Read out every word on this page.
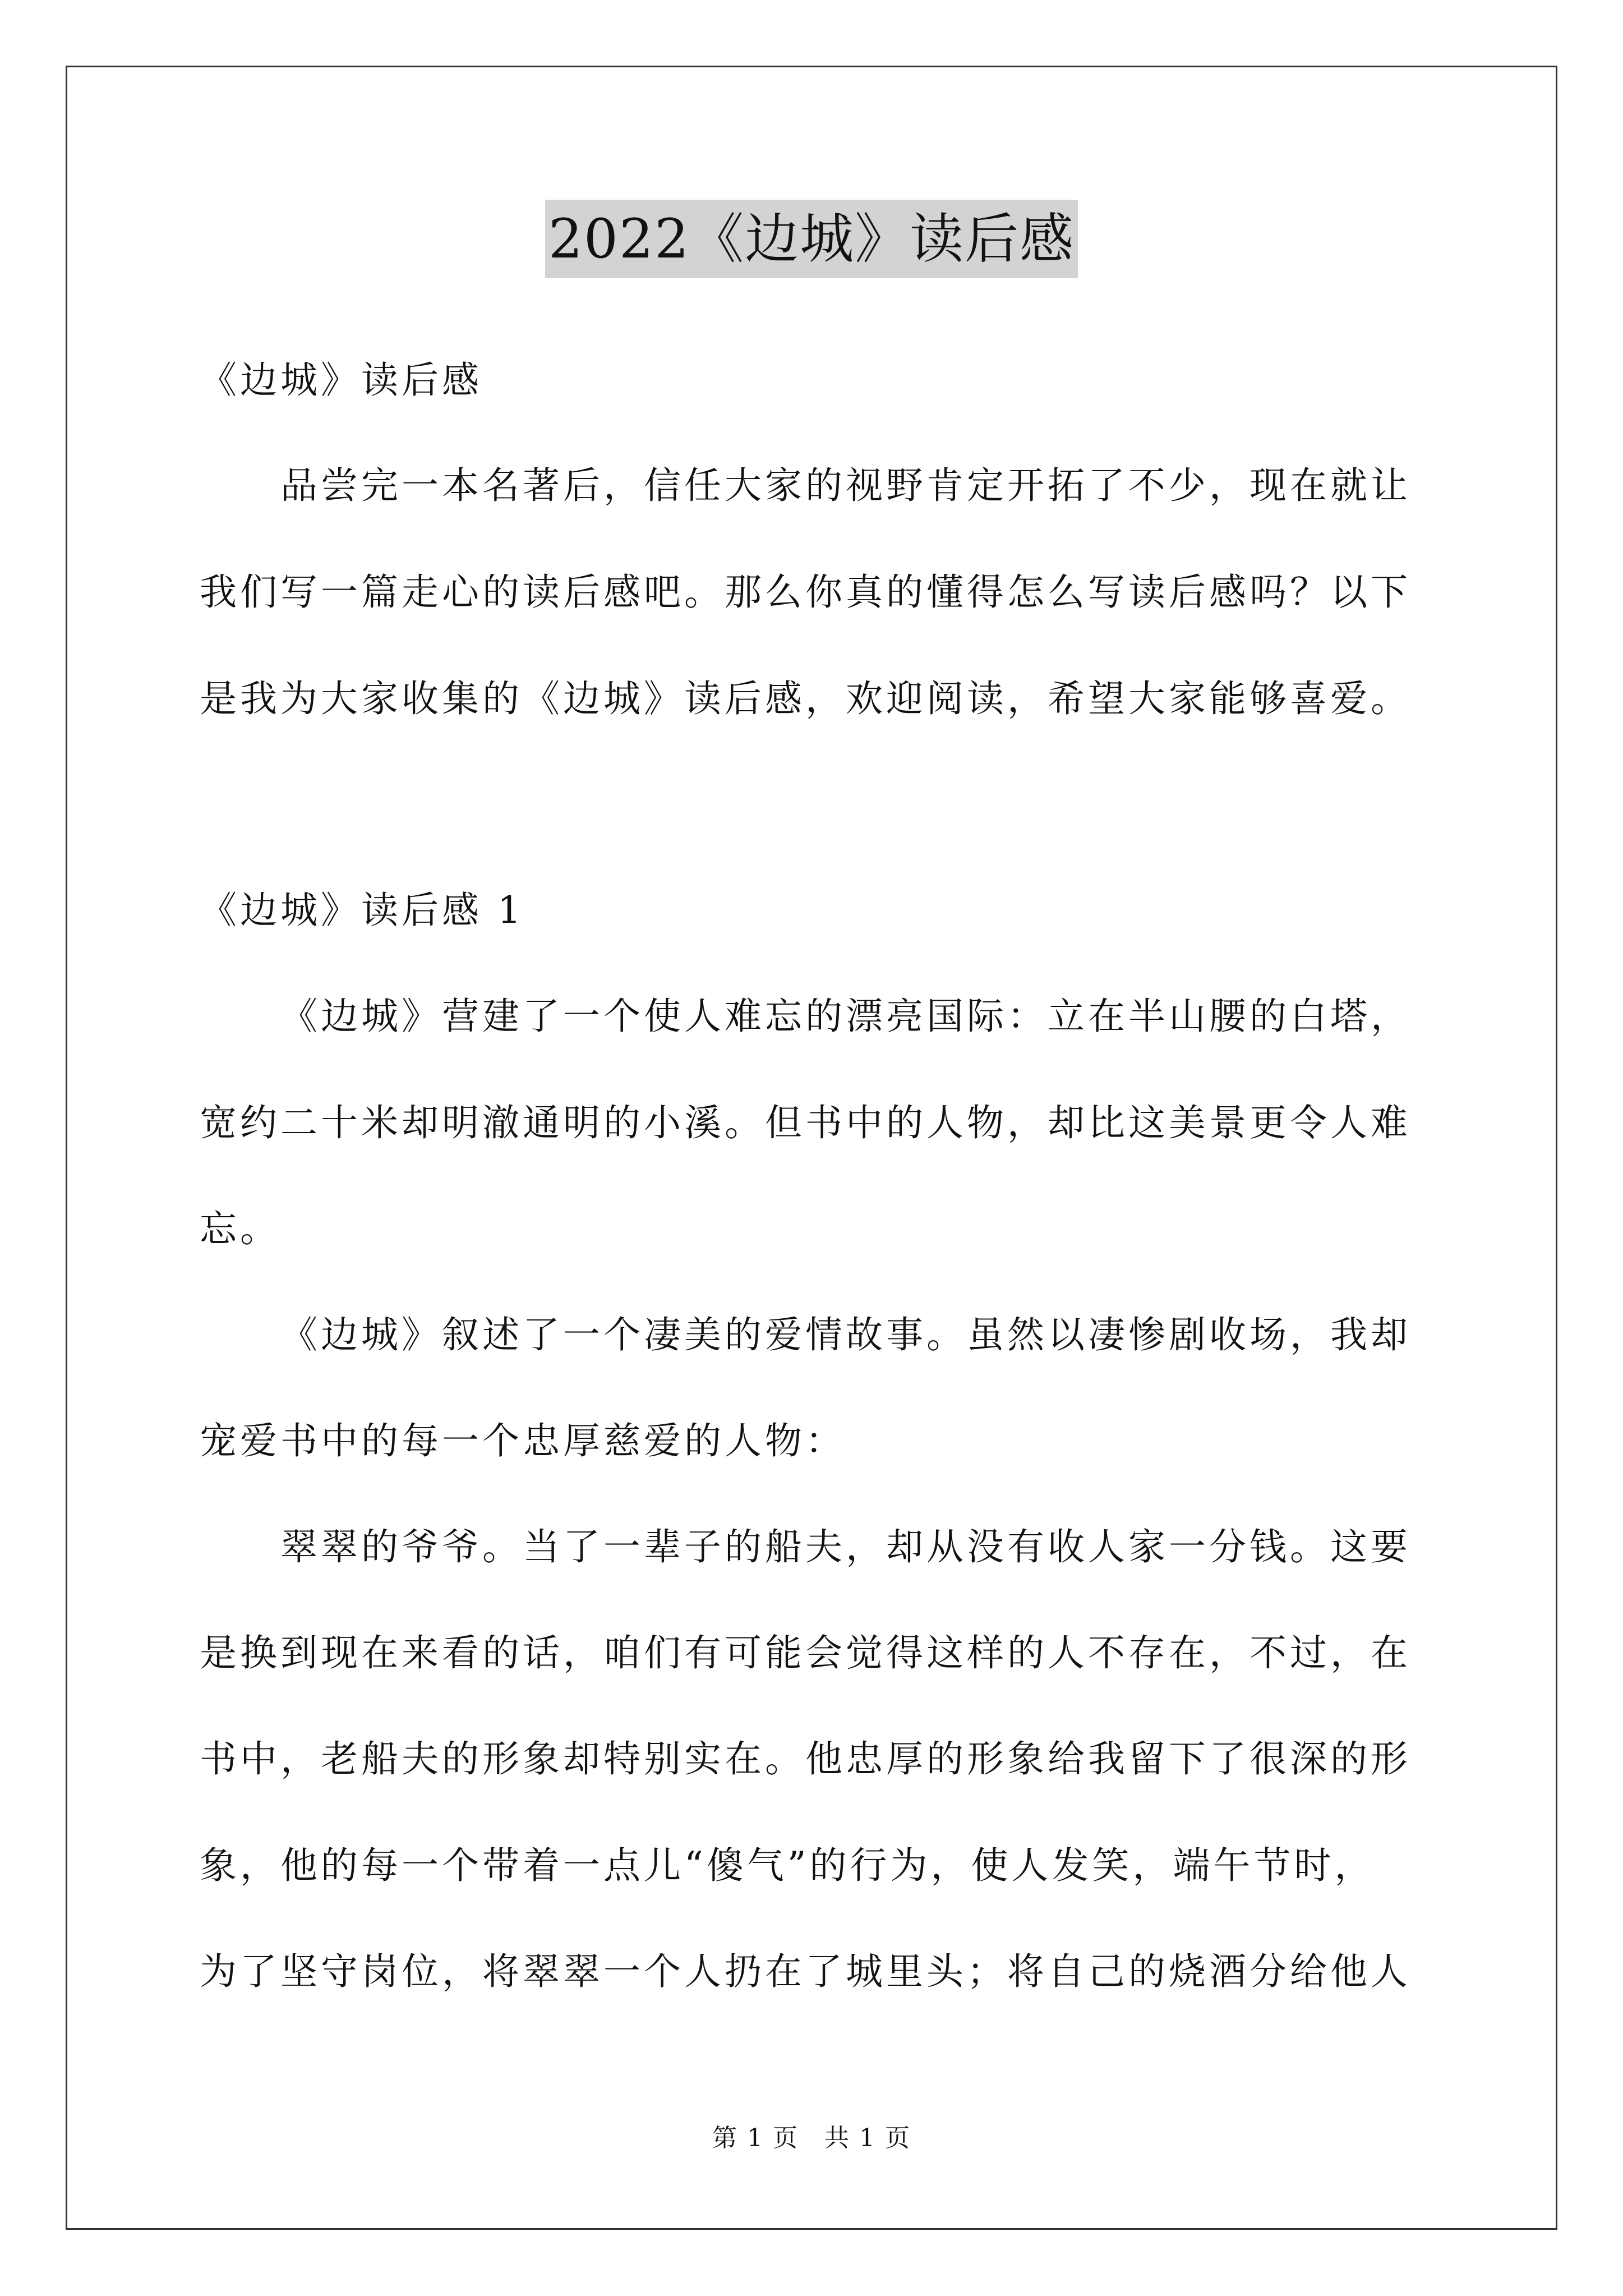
2022《边城》读后感
《边城》读后感
品尝完一本名著后，信任大家的视野肯定开拓了不少，现在就让
我们写一篇走心的读后感吧。那么你真的懂得怎么写读后感吗？以下
是我为大家收集的《边城》读后感，欢迎阅读，希望大家能够喜爱。
《边城》读后感 1
《边城》营建了一个使人难忘的漂亮国际：立在半山腰的白塔，
宽约二十米却明澈通明的小溪。但书中的人物，却比这美景更令人难
忘。
《边城》叙述了一个凄美的爱情故事。虽然以凄惨剧收场，我却
宠爱书中的每一个忠厚慈爱的人物：
翠翠的爷爷。当了一辈子的船夫，却从没有收人家一分钱。这要
是换到现在来看的话，咱们有可能会觉得这样的人不存在，不过，在
书中，老船夫的形象却特别实在。他忠厚的形象给我留下了很深的形
象，他的每一个带着一点儿“傻气”的行为，使人发笑，端午节时，
为了坚守岗位，将翠翠一个人扔在了城里头；将自己的烧酒分给他人
第 1 页　共 1 页
